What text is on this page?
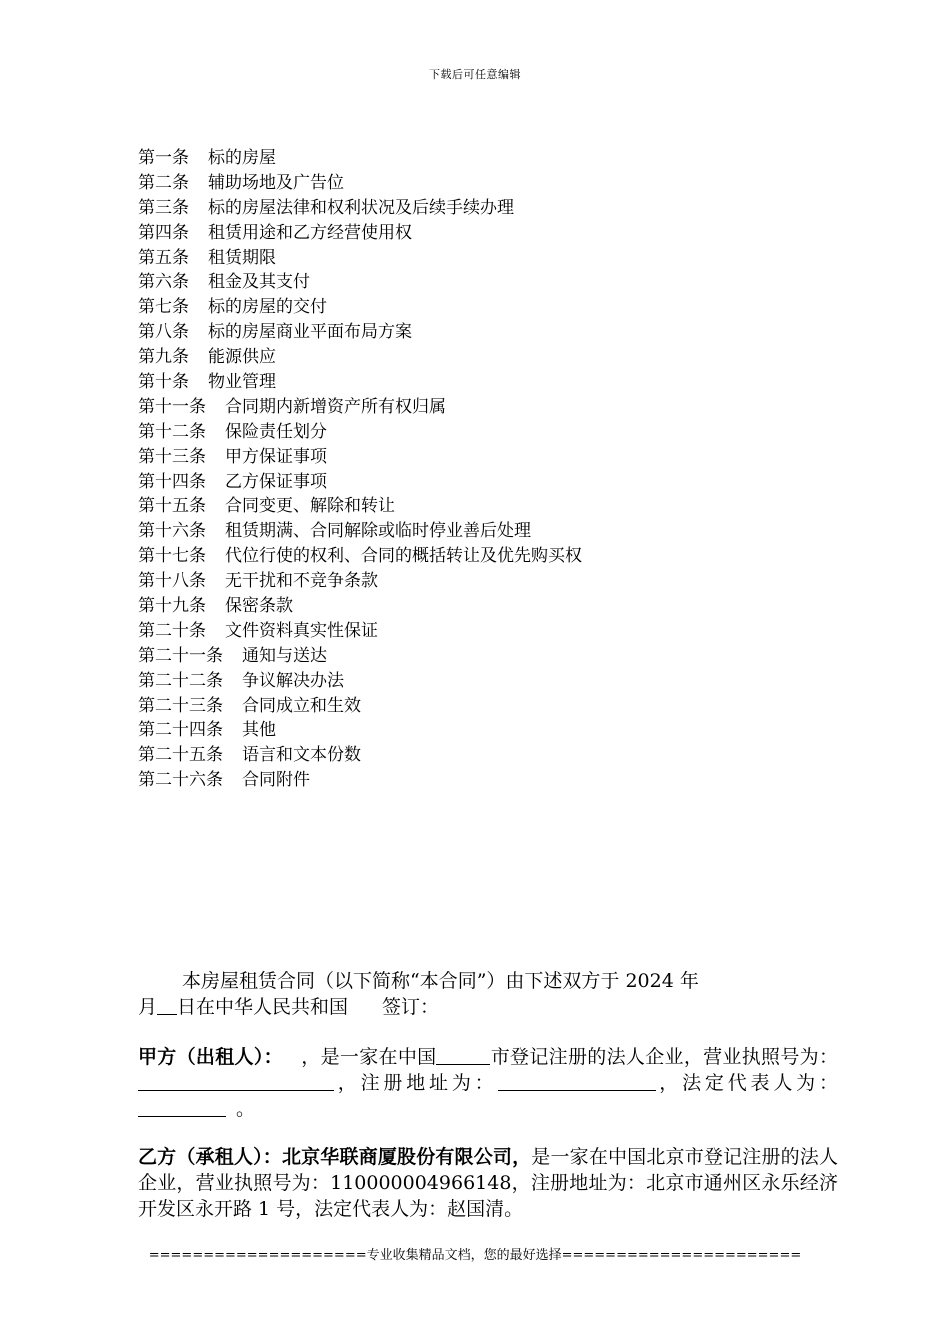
下载后可任意编辑
第一条 标的房屋
第二条 辅助场地及广告位
第三条 标的房屋法律和权利状况及后续手续办理
第四条 租赁用途和乙方经营使用权
第五条 租赁期限
第六条 租金及其支付
第七条 标的房屋的交付
第八条 标的房屋商业平面布局方案
第九条 能源供应
第十条 物业管理
第十一条 合同期内新增资产所有权归属
第十二条 保险责任划分
第十三条 甲方保证事项
第十四条 乙方保证事项
第十五条 合同变更、解除和转让
第十六条 租赁期满、合同解除或临时停业善后处理
第十七条 代位行使的权利、合同的概括转让及优先购买权
第十八条 无干扰和不竞争条款
第十九条 保密条款
第二十条 文件资料真实性保证
第二十一条 通知与送达
第二十二条 争议解决办法
第二十三条 合同成立和生效
第二十四条 其他
第二十五条 语言和文本份数
第二十六条 合同附件
本房屋租赁合同（以下简称“本合同”）由下述双方于 2024 年
月 日在中华人民共和国 签订：
甲方（出租人）： ，是一家在中国	市登记注册的法人企业，营业执照号为：，注册地址为：	，法定代表人为：。
乙方（承租人）：北京华联商厦股份有限公司，是一家在中国北京市登记注册的法人企业，营业执照号为：110000004966148，注册地址为：北京市通州区永乐经济开发区永开路 1 号，法定代表人为：赵国清。
====================专业收集精品文档，您的最好选择======================
